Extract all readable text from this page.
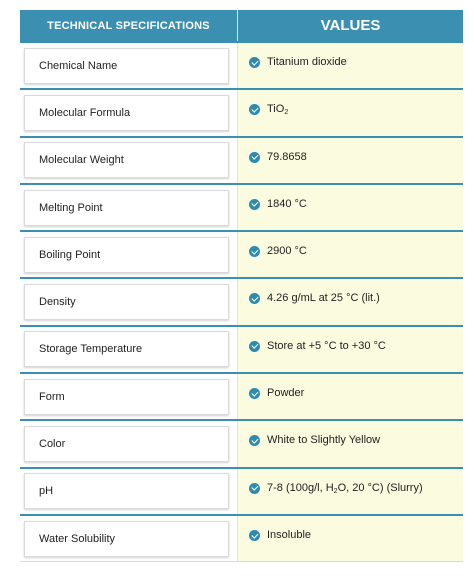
TECHNICAL SPECIFICATIONS	VALUES
Chemical Name	Titanium dioxide
Molecular Formula	TiO$_2$
Molecular Weight	79.8658
Melting Point	1840 °C
Boiling Point	2900 °C
Density	4.26 g/mL at 25 °C (lit.)
Storage Temperature	Store at +5 °C to +30 °C
Form	Powder
Color	White to Slightly Yellow
pH	7-8 (100g/l, $H_2O$, 20 °C) (Slurry)
Water Solubility	Insoluble
